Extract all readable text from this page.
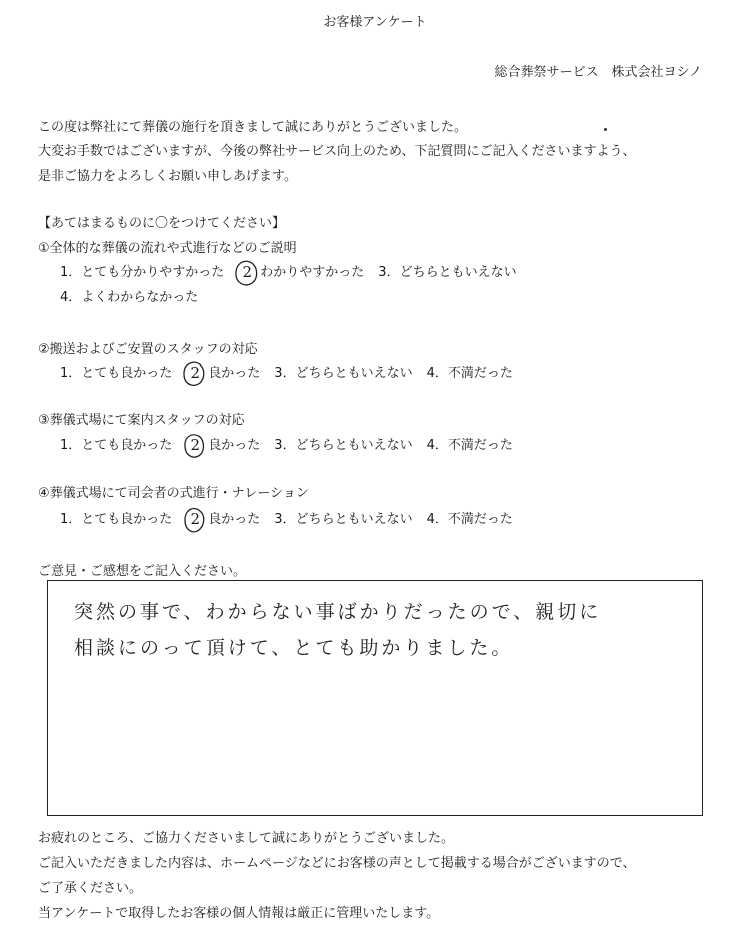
お客様アンケート
総合葬祭サービス　株式会社ヨシノ
この度は弊社にて葬儀の施行を頂きまして誠にありがとうございました。
大変お手数ではございますが、今後の弊社サービス向上のため、下記質問にご記入くださいますよう、
是非ご協力をよろしくお願い申しあげます。
【あてはまるものに〇をつけてください】
①全体的な葬儀の流れや式進行などのご説明
1．とても分かりやすかった 2 わかりやすかった 3．どちらともいえない
4．よくわからなかった
②搬送およびご安置のスタッフの対応
1．とても良かった 2 良かった 3．どちらともいえない 4．不満だった
③葬儀式場にて案内スタッフの対応
1．とても良かった 2 良かった 3．どちらともいえない 4．不満だった
④葬儀式場にて司会者の式進行・ナレーション
1．とても良かった 2 良かった 3．どちらともいえない 4．不満だった
ご意見・ご感想をご記入ください。
突然の事で、わからない事ばかりだったので、親切に
相談にのって頂けて、とても助かりました。
お疲れのところ、ご協力くださいまして誠にありがとうございました。
ご記入いただきました内容は、ホームページなどにお客様の声として掲載する場合がございますので、
ご了承ください。
当アンケートで取得したお客様の個人情報は厳正に管理いたします。
